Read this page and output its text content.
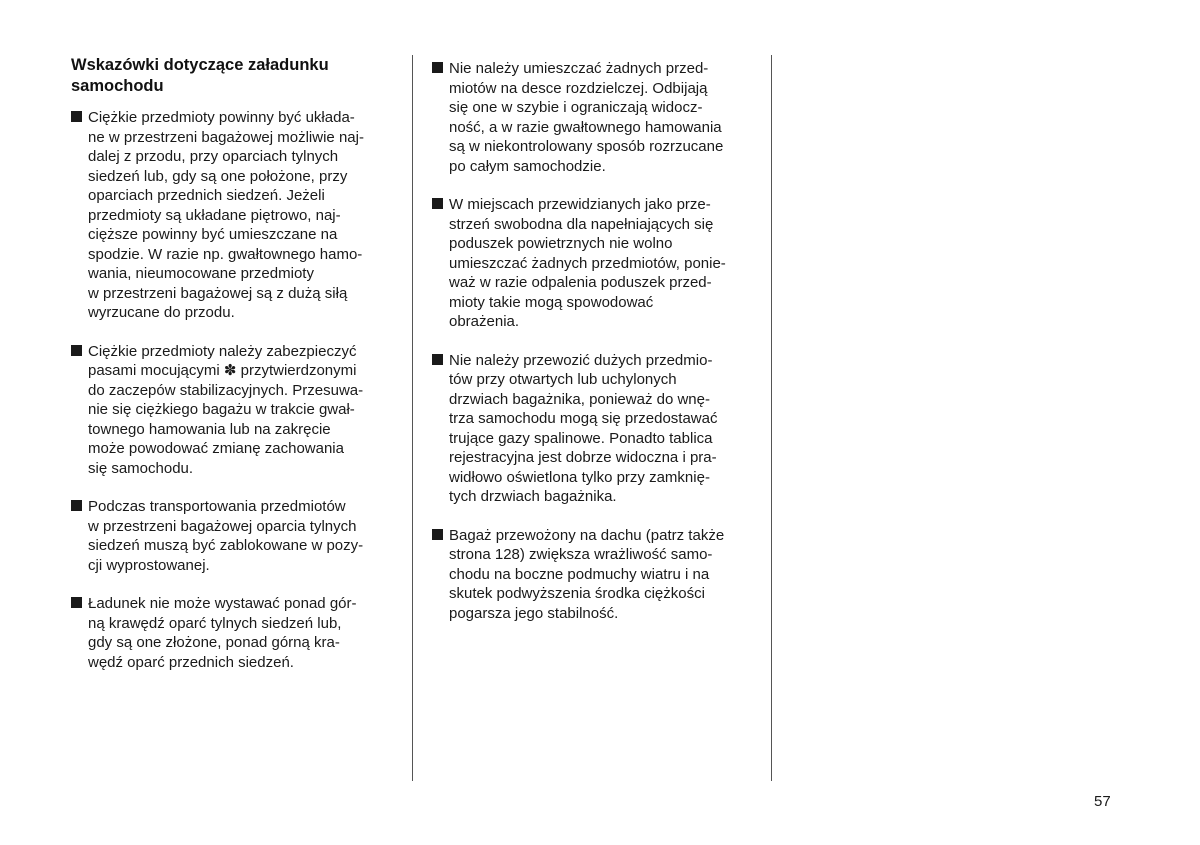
Wskazówki dotyczące załadunku
samochodu
Ciężkie przedmioty powinny być układa-
ne w przestrzeni bagażowej możliwie naj-
dalej z przodu, przy oparciach tylnych
siedzeń lub, gdy są one położone, przy
oparciach przednich siedzeń. Jeżeli
przedmioty są układane piętrowo, naj-
cięższe powinny być umieszczane na
spodzie. W razie np. gwałtownego hamo-
wania, nieumocowane przedmioty
w przestrzeni bagażowej są z dużą siłą
wyrzucane do przodu.
Ciężkie przedmioty należy zabezpieczyć
pasami mocującymi ✽ przytwierdzonymi
do zaczepów stabilizacyjnych. Przesuwa-
nie się ciężkiego bagażu w trakcie gwał-
townego hamowania lub na zakręcie
może powodować zmianę zachowania
się samochodu.
Podczas transportowania przedmiotów
w przestrzeni bagażowej oparcia tylnych
siedzeń muszą być zablokowane w pozy-
cji wyprostowanej.
Ładunek nie może wystawać ponad gór-
ną krawędź oparć tylnych siedzeń lub,
gdy są one złożone, ponad górną kra-
wędź oparć przednich siedzeń.
Nie należy umieszczać żadnych przed-
miotów na desce rozdzielczej. Odbijają
się one w szybie i ograniczają widocz-
ność, a w razie gwałtownego hamowania
są w niekontrolowany sposób rozrzucane
po całym samochodzie.
W miejscach przewidzianych jako prze-
strzeń swobodna dla napełniających się
poduszek powietrznych nie wolno
umieszczać żadnych przedmiotów, ponie-
waż w razie odpalenia poduszek przed-
mioty takie mogą spowodować
obrażenia.
Nie należy przewozić dużych przedmio-
tów przy otwartych lub uchylonych
drzwiach bagażnika, ponieważ do wnę-
trza samochodu mogą się przedostawać
trujące gazy spalinowe. Ponadto tablica
rejestracyjna jest dobrze widoczna i pra-
widłowo oświetlona tylko przy zamknię-
tych drzwiach bagażnika.
Bagaż przewożony na dachu (patrz także
strona 128) zwiększa wrażliwość samo-
chodu na boczne podmuchy wiatru i na
skutek podwyższenia środka ciężkości
pogarsza jego stabilność.
57
